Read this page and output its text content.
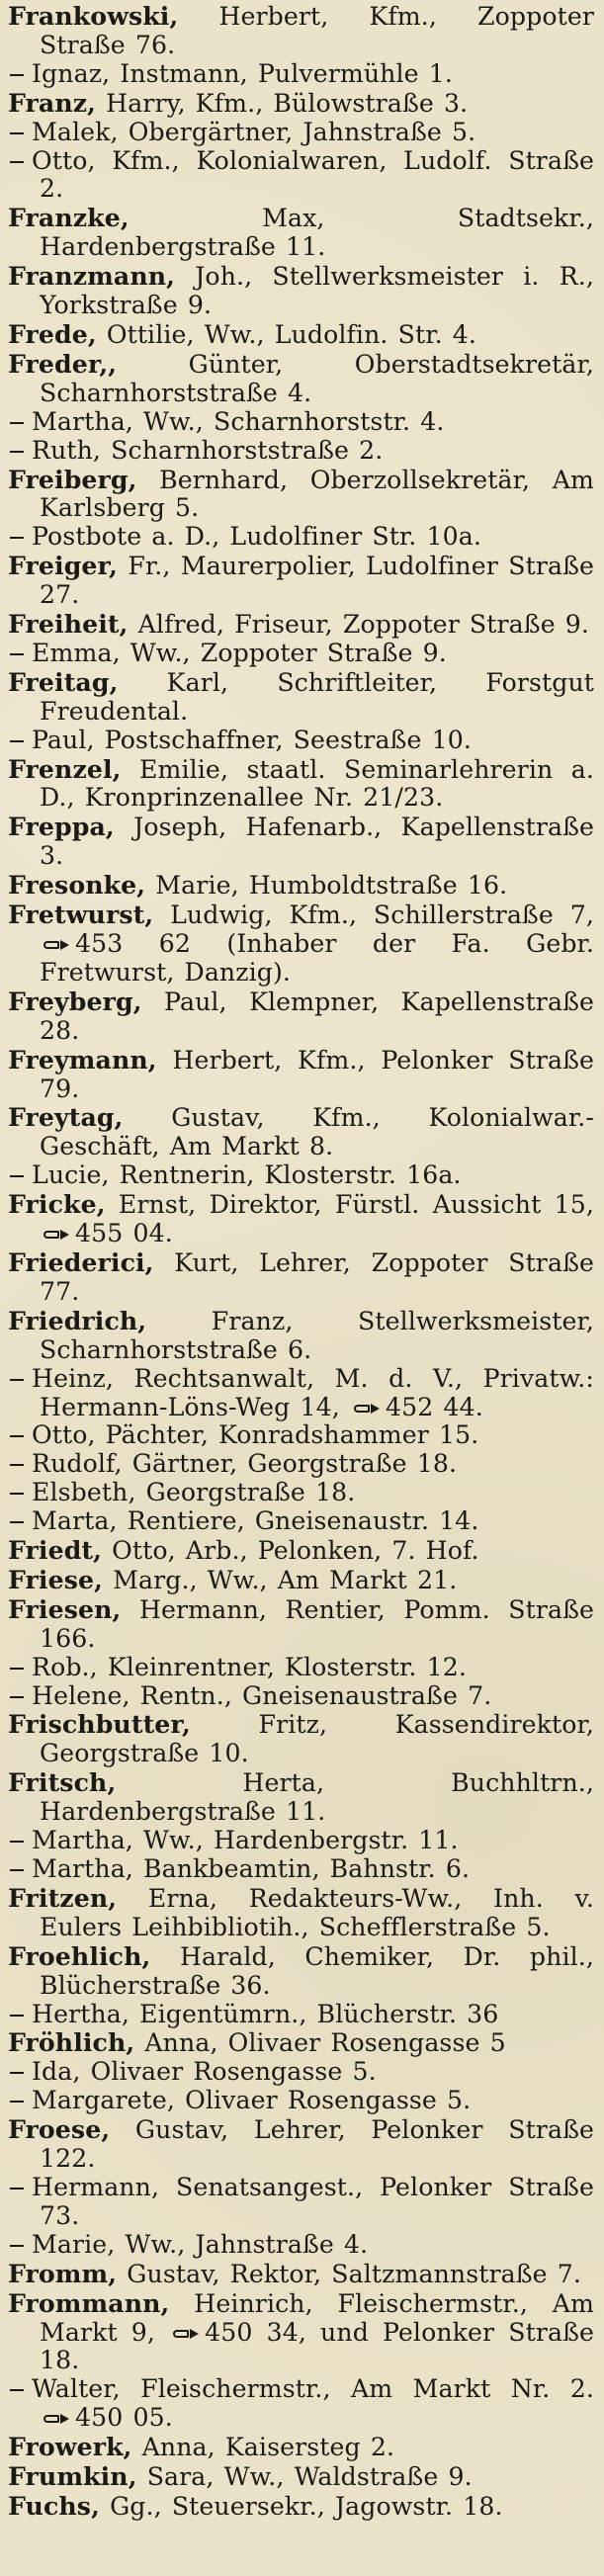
Frankowski, Herbert, Kfm., Zoppoter Straße 76.
Ignaz, Instmann, Pulvermühle 1.
Franz, Harry, Kfm., Bülowstraße 3.
Malek, Obergärtner, Jahnstraße 5.
Otto, Kfm., Kolonialwaren, Ludolf. Straße 2.
Franzke,	Max, Stadtsekr., Hardenbergstraße 11.
Franzmann, Joh., Stellwerksmeister i. R., Yorkstraße 9.
Frede, Ottilie, Ww., Ludolfin. Str. 4.
Freder,,	Günter, Oberstadtsekretär, Scharnhorststraße 4.
Martha, Ww., Scharnhorststr. 4.
Ruth, Scharnhorststraße 2.
Freiberg, Bernhard, Oberzollsekretär, Am Karlsberg 5.
Postbote a. D., Ludolfiner Str. 10a.
Freiger, Fr., Maurerpolier, Ludolfiner Straße 27.
Freiheit, Alfred, Friseur, Zoppoter Straße 9.
Emma, Ww., Zoppoter Straße 9.
Freitag, Karl, Schriftleiter, Forstgut Freudental.
Paul, Postschaffner, Seestraße 10.
Frenzel, Emilie, staatl. Seminarlehrerin a. D., Kronprinzenallee Nr. 21/23.
Freppa, Joseph, Hafenarb., Kapellenstraße 3.
Fresonke, Marie, Humboldtstraße 16.
Fretwurst, Ludwig, Kfm., Schillerstraße 7, 453 62 (Inhaber der Fa. Gebr. Fretwurst, Danzig).
Freyberg, Paul, Klempner, Kapellenstraße 28.
Freymann, Herbert, Kfm., Pelonker Straße 79.
Freytag, Gustav, Kfm., Kolonialwar.-Geschäft, Am Markt 8.
Lucie, Rentnerin, Klosterstr. 16a.
Fricke, Ernst, Direktor, Fürstl. Aussicht 15, 455 04.
Friederici, Kurt, Lehrer, Zoppoter Straße 77.
Friedrich,	Franz, Stellwerksmeister, Scharnhorststraße 6.
Heinz, Rechtsanwalt, M. d. V., Privatw.: Hermann-Löns-Weg 14, 452 44.
Otto, Pächter, Konradshammer 15.
Rudolf, Gärtner, Georgstraße 18.
Elsbeth, Georgstraße 18.
Marta, Rentiere, Gneisenaustr. 14.
Friedt, Otto, Arb., Pelonken, 7. Hof.
Friese, Marg., Ww., Am Markt 21.
Friesen, Hermann, Rentier, Pomm. Straße 166.
Rob., Kleinrentner, Klosterstr. 12.
Helene, Rentn., Gneisenaustraße 7.
Frischbutter,	Fritz, Kassendirektor, Georgstraße 10.
Fritsch,	Herta, Buchhltrn., Hardenbergstraße 11.
Martha, Ww., Hardenbergstr. 11.
Martha, Bankbeamtin, Bahnstr. 6.
Fritzen, Erna, Redakteurs-Ww., Inh. v. Eulers Leihbibliotih., Schefflerstraße 5.
Froehlich, Harald, Chemiker, Dr. phil., Blücherstraße 36.
Hertha, Eigentümrn., Blücherstr. 36
Fröhlich, Anna, Olivaer Rosengasse 5
Ida, Olivaer Rosengasse 5.
Margarete, Olivaer Rosengasse 5.
Froese, Gustav, Lehrer, Pelonker Straße 122.
Hermann, Senatsangest., Pelonker Straße 73.
Marie, Ww., Jahnstraße 4.
Fromm, Gustav, Rektor, Saltzmannstraße 7.
Frommann, Heinrich, Fleischermstr., Am Markt 9, 450 34, und Pelonker Straße 18.
Walter, Fleischermstr., Am Markt Nr. 2. 450 05.
Frowerk, Anna, Kaisersteg 2.
Frumkin, Sara, Ww., Waldstraße 9.
Fuchs, Gg., Steuersekr., Jagowstr. 18.
